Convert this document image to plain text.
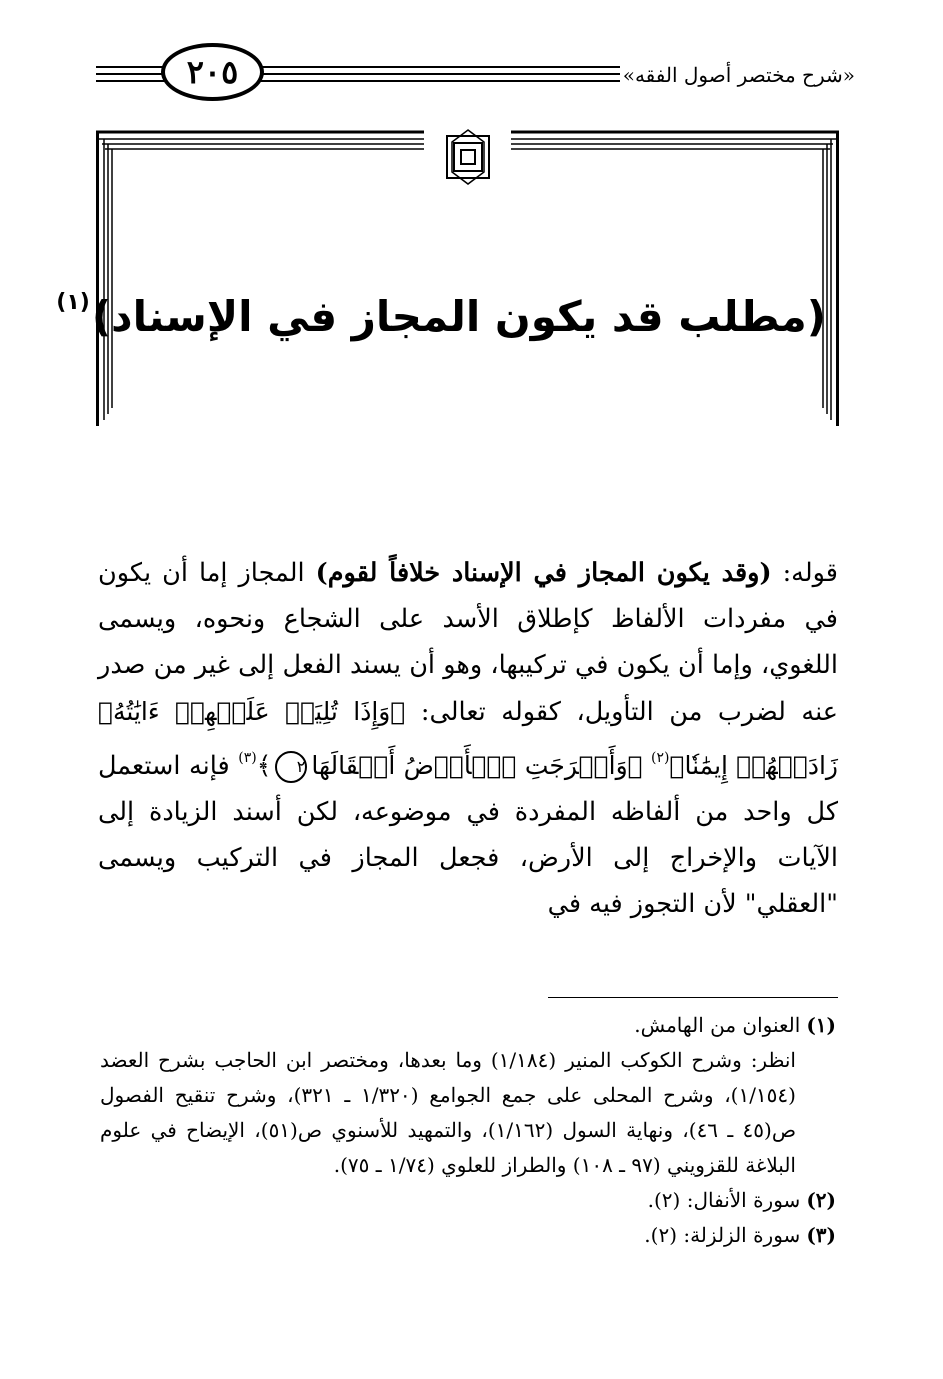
٢٠٥	«شرح مختصر أصول الفقه»
(مطلب قد يكون المجاز في الإسناد)$^{(١)}$
قوله: (وقد يكون المجاز في الإسناد خلافاً لقوم) المجاز إما أن يكون في مفردات الألفاظ كإطلاق الأسد على الشجاع ونحوه، ويسمى اللغوي، وإما أن يكون في تركيبها، وهو أن يسند الفعل إلى غير من صدر عنه لضرب من التأويل، كقوله تعالى: ﴿وَإِذَا تُلِيَتۡ عَلَيۡهِمۡ ءَايَٰتُهُۥ زَادَتۡهُمۡ إِيمَٰنٗا﴾$^{(٢)}$ ﴿وَأَخۡرَجَتِ ٱلۡأَرۡضُ أَثۡقَالَهَا٢﴾$^{(٣)}$ فإنه استعمل كل واحد من ألفاظه المفردة في موضوعه، لكن أسند الزيادة إلى الآيات والإخراج إلى الأرض، فجعل المجاز في التركيب ويسمى "العقلي" لأن التجوز فيه في

(١)العنوان من الهامش.

انظر: وشرح الكوكب المنير (١/١٨٤) وما بعدها، ومختصر ابن الحاجب بشرح العضد (١/١٥٤)، وشرح المحلى على جمع الجوامع (١/٣٢٠ ـ ٣٢١)، وشرح تنقيح الفصول ص(٤٥ ـ ٤٦)، ونهاية السول (١/١٦٢)، والتمهيد للأسنوي ص(٥١)، الإيضاح في علوم البلاغة للقزويني (٩٧ ـ ١٠٨) والطراز للعلوي (١/٧٤ ـ ٧٥).

(٢)سورة الأنفال: (٢).

(٣)سورة الزلزلة: (٢).
